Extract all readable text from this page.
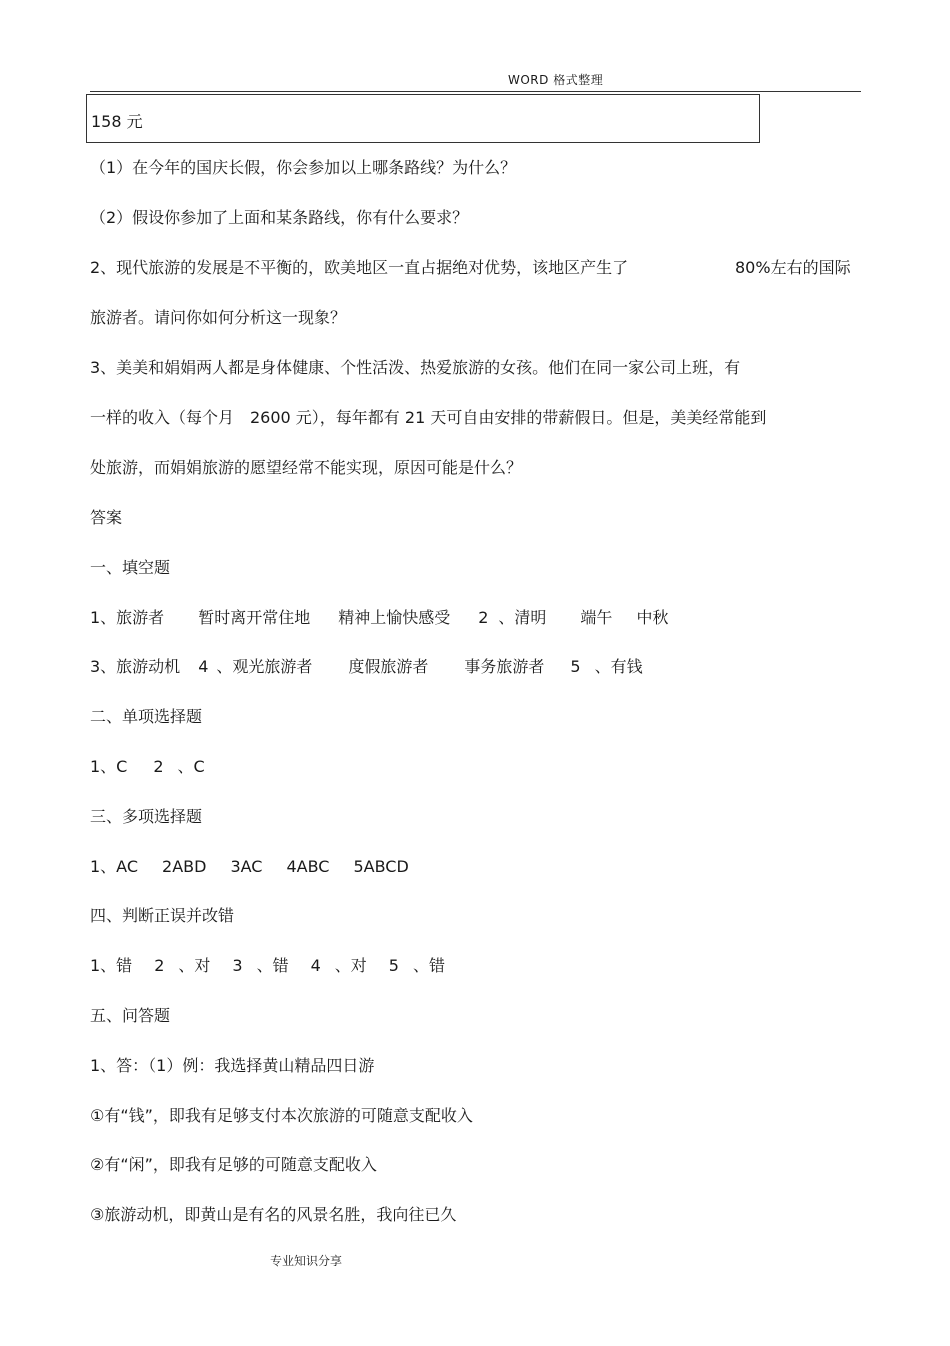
WORD 格式整理
158 元
（1）在今年的国庆长假，你会参加以上哪条路线？为什么？
（2）假设你参加了上面和某条路线，你有什么要求？
2、现代旅游的发展是不平衡的，欧美地区一直占据绝对优势，该地区产生了	80%左右的国际
旅游者。请问你如何分析这一现象？
3、美美和娟娟两人都是身体健康、个性活泼、热爱旅游的女孩。他们在同一家公司上班，有
一样的收入（每个月　2600 元），每年都有 21 天可自由安排的带薪假日。但是，美美经常能到
处旅游，而娟娟旅游的愿望经常不能实现，原因可能是什么？
答案
一、填空题
1、旅游者 暂时离开常住地 精神上愉快感受 2 、清明 端午 中秋
3、旅游动机 4 、观光旅游者 度假旅游者 事务旅游者 5 、有钱
二、单项选择题
1、C 2 、C
三、多项选择题
1、AC 2ABD 3AC 4ABC 5ABCD
四、判断正误并改错
1、错 2 、对 3 、错 4 、对 5 、错
五、问答题
1、答：（1）例：我选择黄山精品四日游
①有“钱”，即我有足够支付本次旅游的可随意支配收入
②有“闲”，即我有足够的可随意支配收入
③旅游动机，即黄山是有名的风景名胜，我向往已久
专业知识分享
